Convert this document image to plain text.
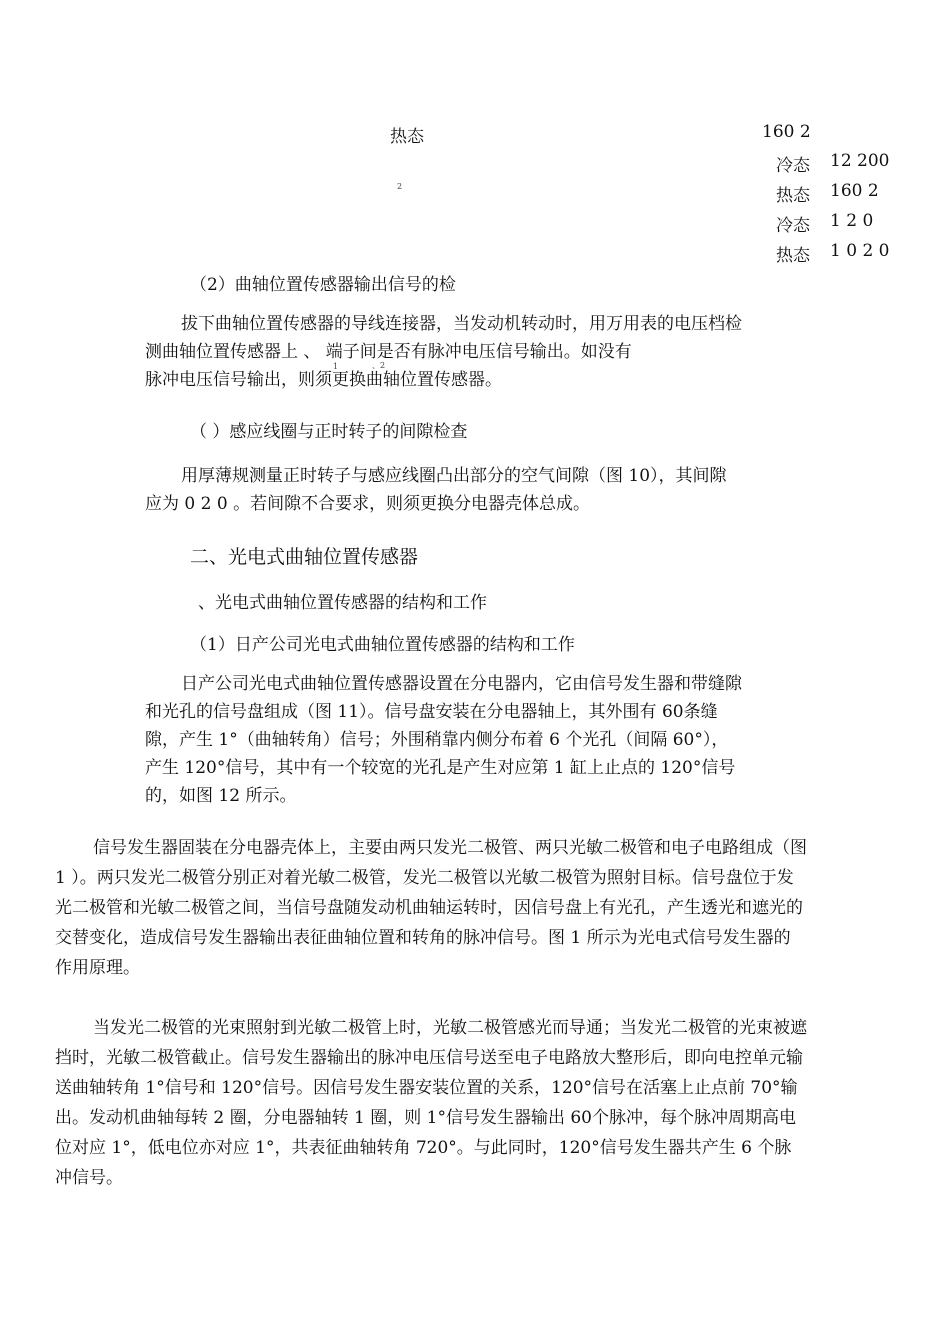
热态	160 2
2
冷态 12 200
热态 160 2
冷态 1 2 0
热态 1 0 2 0
（2）曲轴位置传感器输出信号的检
拔下曲轴位置传感器的导线连接器，当发动机转动时，用万用表的电压档检
测曲轴位置传感器上 、 端子间是否有脉冲电压信号输出。如没有
脉冲电压信号输出，则须更换曲轴位置传感器。
1	、2
（ ）感应线圈与正时转子的间隙检查
用厚薄规测量正时转子与感应线圈凸出部分的空气间隙（图 10），其间隙
应为 0 2 0 。若间隙不合要求，则须更换分电器壳体总成。
二、光电式曲轴位置传感器
、光电式曲轴位置传感器的结构和工作
（1）日产公司光电式曲轴位置传感器的结构和工作
日产公司光电式曲轴位置传感器设置在分电器内，它由信号发生器和带缝隙
和光孔的信号盘组成（图 11）。信号盘安装在分电器轴上，其外围有 60条缝
隙，产生 1°（曲轴转角）信号；外围稍靠内侧分布着 6 个光孔（间隔 60°），
产生 120°信号，其中有一个较宽的光孔是产生对应第 1 缸上止点的 120°信号
的，如图 12 所示。
信号发生器固装在分电器壳体上，主要由两只发光二极管、两只光敏二极管和电子电路组成（图
1 ）。两只发光二极管分别正对着光敏二极管，发光二极管以光敏二极管为照射目标。信号盘位于发
光二极管和光敏二极管之间，当信号盘随发动机曲轴运转时，因信号盘上有光孔，产生透光和遮光的
交替变化，造成信号发生器输出表征曲轴位置和转角的脉冲信号。图 1 所示为光电式信号发生器的
作用原理。
当发光二极管的光束照射到光敏二极管上时，光敏二极管感光而导通；当发光二极管的光束被遮
挡时，光敏二极管截止。信号发生器输出的脉冲电压信号送至电子电路放大整形后，即向电控单元输
送曲轴转角 1°信号和 120°信号。因信号发生器安装位置的关系，120°信号在活塞上止点前 70°输
出。发动机曲轴每转 2 圈，分电器轴转 1 圈，则 1°信号发生器输出 60个脉冲，每个脉冲周期高电
位对应 1°，低电位亦对应 1°，共表征曲轴转角 720°。与此同时，120°信号发生器共产生 6 个脉
冲信号。
